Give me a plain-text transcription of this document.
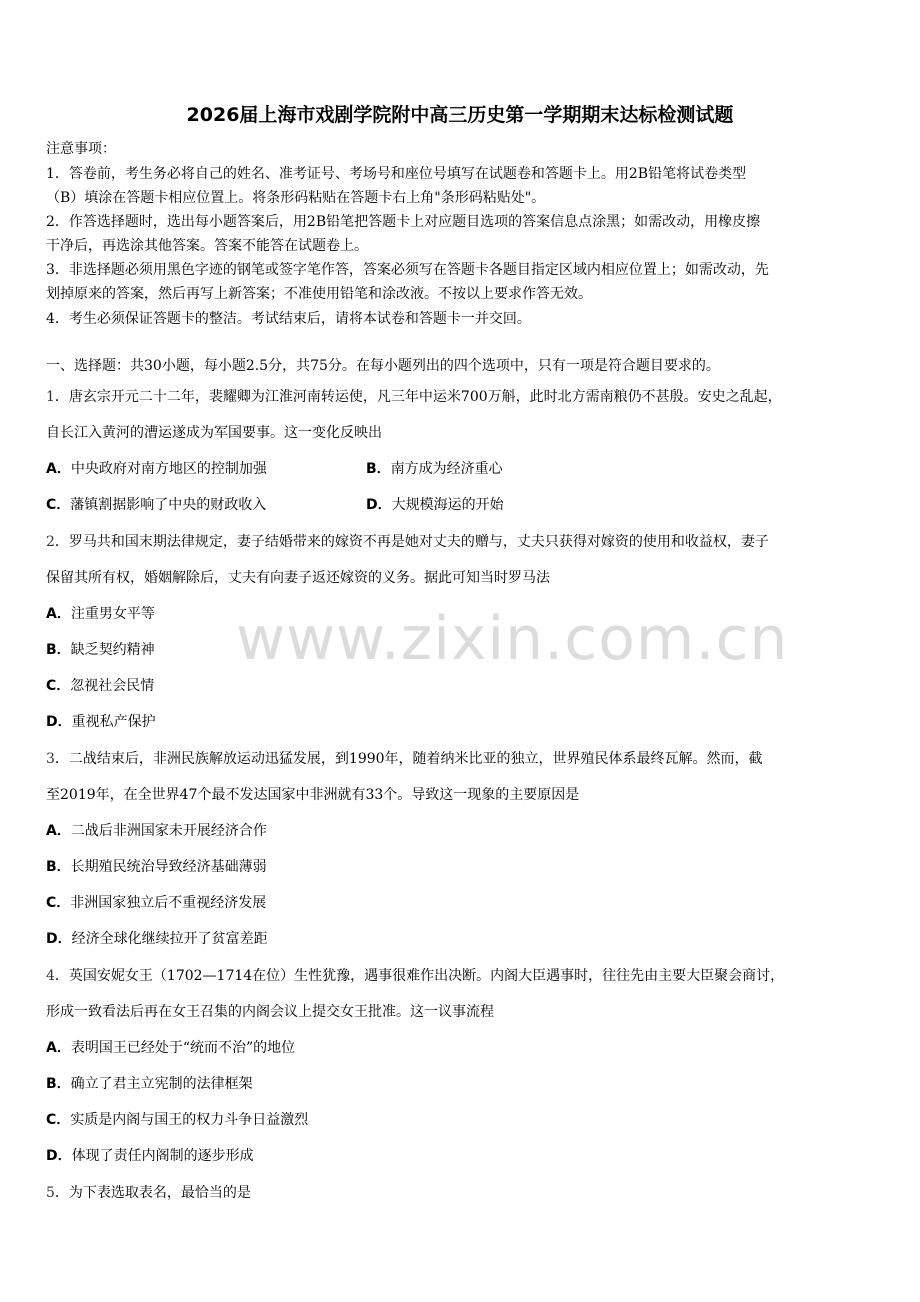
www.zixin.com.cn
2026届上海市戏剧学院附中高三历史第一学期期末达标检测试题
注意事项：
1．答卷前，考生务必将自己的姓名、准考证号、考场号和座位号填写在试题卷和答题卡上。用2B铅笔将试卷类型
（B）填涂在答题卡相应位置上。将条形码粘贴在答题卡右上角"条形码粘贴处"。
2．作答选择题时，选出每小题答案后，用2B铅笔把答题卡上对应题目选项的答案信息点涂黑；如需改动，用橡皮擦
干净后，再选涂其他答案。答案不能答在试题卷上。
3．非选择题必须用黑色字迹的钢笔或签字笔作答，答案必须写在答题卡各题目指定区域内相应位置上；如需改动，先
划掉原来的答案，然后再写上新答案；不准使用铅笔和涂改液。不按以上要求作答无效。
4．考生必须保证答题卡的整洁。考试结束后，请将本试卷和答题卡一并交回。
一、选择题：共30小题，每小题2.5分，共75分。在每小题列出的四个选项中，只有一项是符合题目要求的。
1．唐玄宗开元二十二年，裴耀卿为江淮河南转运使，凡三年中运米700万斛，此时北方需南粮仍不甚殷。安史之乱起，
自长江入黄河的漕运遂成为军国要事。这一变化反映出
A．中央政府对南方地区的控制加强	B．南方成为经济重心
C．藩镇割据影响了中央的财政收入	D．大规模海运的开始
2．罗马共和国末期法律规定，妻子结婚带来的嫁资不再是她对丈夫的赠与，丈夫只获得对嫁资的使用和收益权，妻子
保留其所有权，婚姻解除后，丈夫有向妻子返还嫁资的义务。据此可知当时罗马法
A．注重男女平等
B．缺乏契约精神
C．忽视社会民情
D．重视私产保护
3．二战结束后，非洲民族解放运动迅猛发展，到1990年，随着纳米比亚的独立，世界殖民体系最终瓦解。然而，截
至2019年，在全世界47个最不发达国家中非洲就有33个。导致这一现象的主要原因是
A．二战后非洲国家未开展经济合作
B．长期殖民统治导致经济基础薄弱
C．非洲国家独立后不重视经济发展
D．经济全球化继续拉开了贫富差距
4．英国安妮女王（1702—1714在位）生性犹豫，遇事很难作出决断。内阁大臣遇事时，往往先由主要大臣聚会商讨，
形成一致看法后再在女王召集的内阁会议上提交女王批准。这一议事流程
A．表明国王已经处于“统而不治”的地位
B．确立了君主立宪制的法律框架
C．实质是内阁与国王的权力斗争日益激烈
D．体现了责任内阁制的逐步形成
5．为下表选取表名，最恰当的是
